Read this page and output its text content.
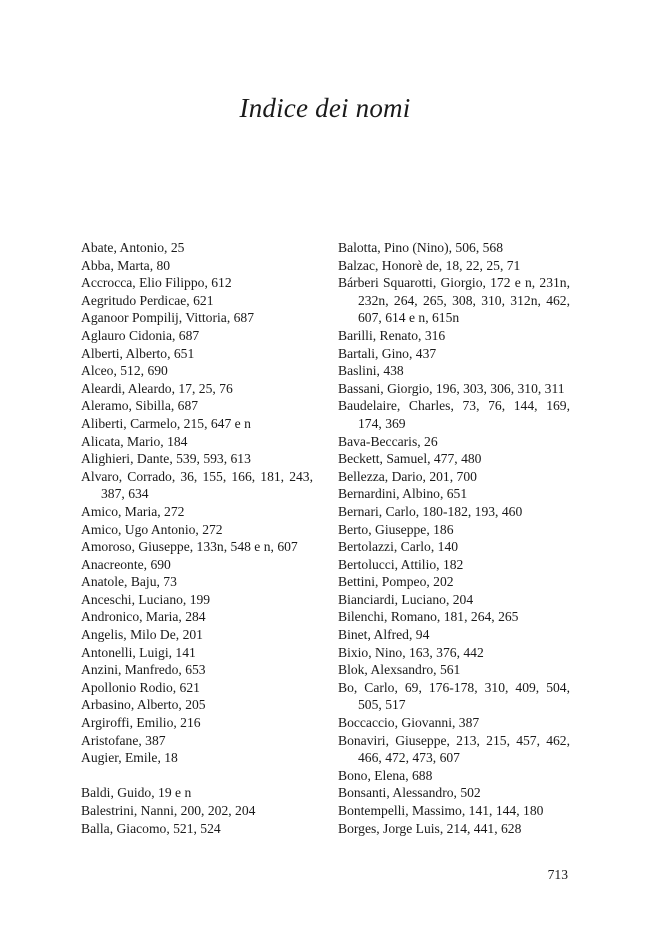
Indice dei nomi
Abate, Antonio, 25
Abba, Marta, 80
Accrocca, Elio Filippo, 612
Aegritudo Perdicae, 621
Aganoor Pompilij, Vittoria, 687
Aglauro Cidonia, 687
Alberti, Alberto, 651
Alceo, 512, 690
Aleardi, Aleardo, 17, 25, 76
Aleramo, Sibilla, 687
Aliberti, Carmelo, 215, 647 e n
Alicata, Mario, 184
Alighieri, Dante, 539, 593, 613
Alvaro, Corrado, 36, 155, 166, 181, 243, 387, 634
Amico, Maria, 272
Amico, Ugo Antonio, 272
Amoroso, Giuseppe, 133n, 548 e n, 607
Anacreonte, 690
Anatole, Baju, 73
Anceschi, Luciano, 199
Andronico, Maria, 284
Angelis, Milo De, 201
Antonelli, Luigi, 141
Anzini, Manfredo, 653
Apollonio Rodio, 621
Arbasino, Alberto, 205
Argiroffi, Emilio, 216
Aristofane, 387
Augier, Emile, 18
Baldi, Guido, 19 e n
Balestrini, Nanni, 200, 202, 204
Balla, Giacomo, 521, 524
Balotta, Pino (Nino), 506, 568
Balzac, Honorè de, 18, 22, 25, 71
Bárberi Squarotti, Giorgio, 172 e n, 231n, 232n, 264, 265, 308, 310, 312n, 462, 607, 614 e n, 615n
Barilli, Renato, 316
Bartali, Gino, 437
Baslini, 438
Bassani, Giorgio, 196, 303, 306, 310, 311
Baudelaire, Charles, 73, 76, 144, 169, 174, 369
Bava-Beccaris, 26
Beckett, Samuel, 477, 480
Bellezza, Dario, 201, 700
Bernardini, Albino, 651
Bernari, Carlo, 180-182, 193, 460
Berto, Giuseppe, 186
Bertolazzi, Carlo, 140
Bertolucci, Attilio, 182
Bettini, Pompeo, 202
Bianciardi, Luciano, 204
Bilenchi, Romano, 181, 264, 265
Binet, Alfred, 94
Bixio, Nino, 163, 376, 442
Blok, Alexsandro, 561
Bo, Carlo, 69, 176-178, 310, 409, 504, 505, 517
Boccaccio, Giovanni, 387
Bonaviri, Giuseppe, 213, 215, 457, 462, 466, 472, 473, 607
Bono, Elena, 688
Bonsanti, Alessandro, 502
Bontempelli, Massimo, 141, 144, 180
Borges, Jorge Luis, 214, 441, 628
713
